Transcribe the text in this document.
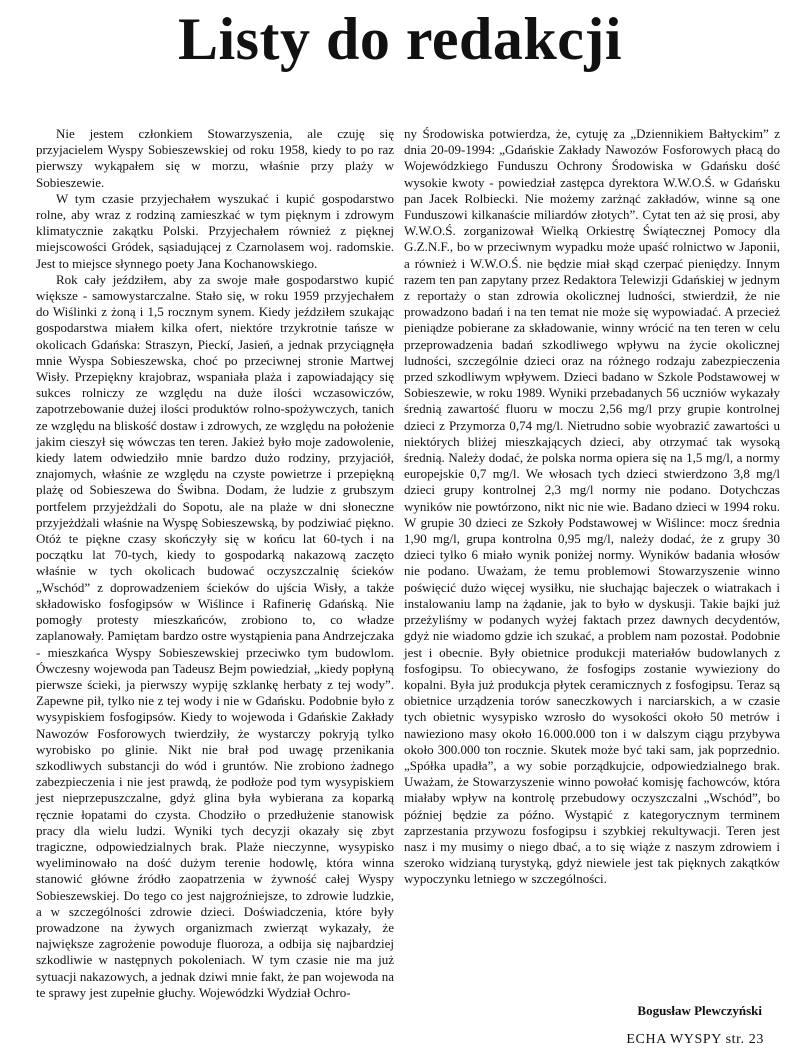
Listy do redakcji

Nie jestem członkiem Stowarzyszenia, ale czuję się przyjacielem Wyspy Sobieszewskiej od roku 1958, kiedy to po raz pierwszy wykąpałem się w morzu, właśnie przy plaży w Sobieszewie.

W tym czasie przyjechałem wyszukać i kupić gospodarstwo rolne, aby wraz z rodziną zamieszkać w tym pięknym i zdrowym klimatycznie zakątku Polski. Przyjechałem również z pięknej miejscowości Gródek, sąsiadującej z Czarnolasem woj. radomskie. Jest to miejsce słynnego poety Jana Kochanowskiego.

Rok cały jeździłem, aby za swoje małe gospodarstwo kupić większe - samowystarczalne. Stało się, w roku 1959 przyjechałem do Wiślinki z żoną i 1,5 rocznym synem. Kiedy jeździłem szukając gospodarstwa miałem kilka ofert, niektóre trzykrotnie tańsze w okolicach Gdańska: Straszyn, Pieckí, Jasień, a jednak przyciągnęła mnie Wyspa Sobieszewska, choć po przeciwnej stronie Martwej Wisły. Przepiękny krajobraz, wspaniała plaża i zapowiadający się sukces rolniczy ze względu na duże ilości wczasowiczów, zapotrzebowanie dużej ilości produktów rolno-spożywczych, tanich ze względu na bliskość dostaw i zdrowych, ze względu na położenie jakim cieszył się wówczas ten teren. Jakież było moje zadowolenie, kiedy latem odwiedziło mnie bardzo dużo rodziny, przyjaciół, znajomych, właśnie ze względu na czyste powietrze i przepiękną plażę od Sobieszewa do Świbna. Dodam, że ludzie z grubszym portfelem przyjeżdżali do Sopotu, ale na plaże w dni słoneczne przyjeżdżali właśnie na Wyspę Sobieszewską, by podziwiać piękno. Otóż te piękne czasy skończyły się w końcu lat 60-tych i na początku lat 70-tych, kiedy to gospodarką nakazową zaczęto właśnie w tych okolicach budować oczyszczalnię ścieków „Wschód” z doprowadzeniem ścieków do ujścia Wisły, a także składowisko fosfogipsów w Wiślince i Rafinerię Gdańską. Nie pomogły protesty mieszkańców, zrobiono to, co władze zaplanowały. Pamiętam bardzo ostre wystąpienia pana Andrzejczaka - mieszkańca Wyspy Sobieszewskiej przeciwko tym budowlom. Ówczesny wojewoda pan Tadeusz Bejm powiedział, „kiedy popłyną pierwsze ścieki, ja pierwszy wypiję szklankę herbaty z tej wody”. Zapewne pił, tylko nie z tej wody i nie w Gdańsku. Podobnie było z wysypiskiem fosfogipsów. Kiedy to wojewoda i Gdańskie Zakłady Nawozów Fosforowych twierdziły, że wystarczy pokryją tylko wyrobisko po glinie. Nikt nie brał pod uwagę przenikania szkodliwych substancji do wód i gruntów. Nie zrobiono żadnego zabezpieczenia i nie jest prawdą, że podłoże pod tym wysypiskiem jest nieprzepuszczalne, gdyż glina była wybierana za koparką ręcznie łopatami do czysta. Chodziło o przedłużenie stanowisk pracy dla wielu ludzi. Wyniki tych decyzji okazały się zbyt tragiczne, odpowiedzialnych brak. Plaże nieczynne, wysypisko wyeliminowało na dość dużym terenie hodowlę, która winna stanowić główne źródło zaopatrzenia w żywność całej Wyspy Sobieszewskiej. Do tego co jest najgroźniejsze, to zdrowie ludzkie, a w szczególności zdrowie dzieci. Doświadczenia, które były prowadzone na żywych organizmach zwierząt wykazały, że największe zagrożenie powoduje fluoroza, a odbija się najbardziej szkodliwie w następnych pokoleniach. W tym czasie nie ma już sytuacji nakazowych, a jednak dziwi mnie fakt, że pan wojewoda na te sprawy jest zupełnie głuchy. Wojewódzki Wydział Ochro-

ny Środowiska potwierdza, że, cytuję za „Dziennikiem Bałtyckim” z dnia 20-09-1994: „Gdańskie Zakłady Nawozów Fosforowych płacą do Wojewódzkiego Funduszu Ochrony Środowiska w Gdańsku dość wysokie kwoty - powiedział zastępca dyrektora W.W.O.Ś. w Gdańsku pan Jacek Rolbiecki. Nie możemy zarżnąć zakładów, winne są one Funduszowi kilkanaście miliardów złotych”. Cytat ten aż się prosi, aby W.W.O.Ś. zorganizował Wielką Orkiestrę Świątecznej Pomocy dla G.Z.N.F., bo w przeciwnym wypadku może upaść rolnictwo w Japonii, a również i W.W.O.Ś. nie będzie miał skąd czerpać pieniędzy. Innym razem ten pan zapytany przez Redaktora Telewizji Gdańskiej w jednym z reportaży o stan zdrowia okolicznej ludności, stwierdził, że nie prowadzono badań i na ten temat nie może się wypowiadać. A przecież pieniądze pobierane za składowanie, winny wrócić na ten teren w celu przeprowadzenia badań szkodliwego wpływu na życie okolicznej ludności, szczególnie dzieci oraz na różnego rodzaju zabezpieczenia przed szkodliwym wpływem. Dzieci badano w Szkole Podstawowej w Sobieszewie, w roku 1989. Wyniki przebadanych 56 uczniów wykazały średnią zawartość fluoru w moczu 2,56 mg/l przy grupie kontrolnej dzieci z Przymorza 0,74 mg/l. Nietrudno sobie wyobrazić zawartości u niektórych bliżej mieszkających dzieci, aby otrzymać tak wysoką średnią. Należy dodać, że polska norma opiera się na 1,5 mg/l, a normy europejskie 0,7 mg/l. We włosach tych dzieci stwierdzono 3,8 mg/l dzieci grupy kontrolnej 2,3 mg/l normy nie podano. Dotychczas wyników nie powtórzono, nikt nic nie wie. Badano dzieci w 1994 roku. W grupie 30 dzieci ze Szkoły Podstawowej w Wiślince: mocz średnia 1,90 mg/l, grupa kontrolna 0,95 mg/l, należy dodać, że z grupy 30 dzieci tylko 6 miało wynik poniżej normy. Wyników badania włosów nie podano. Uważam, że temu problemowi Stowarzyszenie winno poświęcić dużo więcej wysiłku, nie słuchając bajeczek o wiatrakach i instalowaniu lamp na żądanie, jak to było w dyskusji. Takie bajki już przeżyliśmy w podanych wyżej faktach przez dawnych decydentów, gdyż nie wiadomo gdzie ich szukać, a problem nam pozostał. Podobnie jest i obecnie. Były obietnice produkcji materiałów budowlanych z fosfogipsu. To obiecywano, że fosfogips zostanie wywieziony do kopalni. Była już produkcja płytek ceramicznych z fosfogipsu. Teraz są obietnice urządzenia torów saneczkowych i narciarskich, a w czasie tych obietnic wysypisko wzrosło do wysokości około 50 metrów i nawieziono masy około 16.000.000 ton i w dalszym ciągu przybywa około 300.000 ton rocznie. Skutek może być taki sam, jak poprzednio. „Spółka upadła”, a wy sobie porządkujcie, odpowiedzialnego brak. Uważam, że Stowarzyszenie winno powołać komisję fachowców, która miałaby wpływ na kontrolę przebudowy oczyszczalni „Wschód”, bo później będzie za późno. Wystąpić z kategorycznym terminem zaprzestania przywozu fosfogipsu i szybkiej rekultywacji. Teren jest nasz i my musimy o niego dbać, a to się wiąże z naszym zdrowiem i szeroko widzianą turystyką, gdyż niewiele jest tak pięknych zakątków wypoczynku letniego w szczególności.

Bogusław Plewczyński

ECHA WYSPY str. 23
